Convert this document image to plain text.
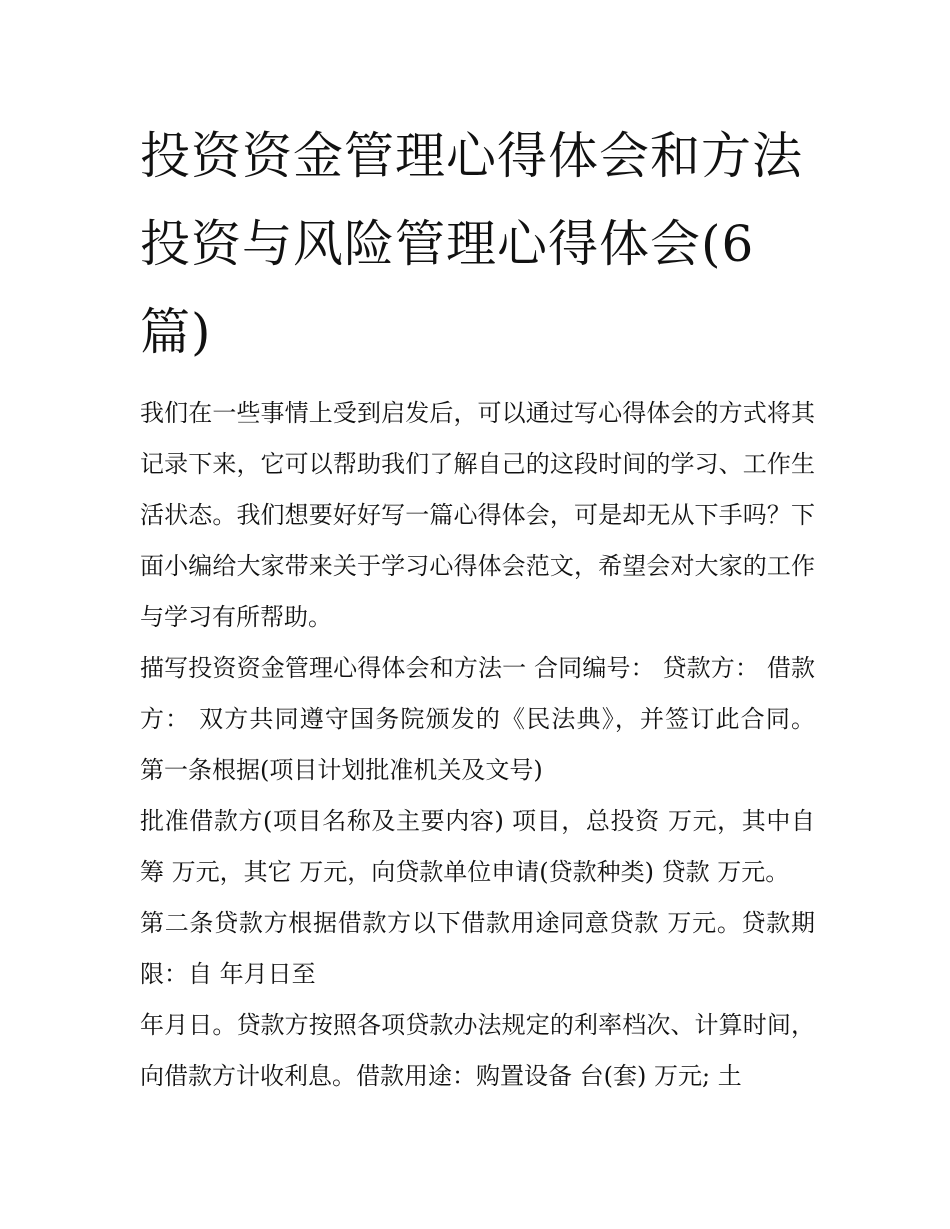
投资资金管理心得体会和方法
投资与风险管理心得体会(6
篇)

我们在一些事情上受到启发后，可以通过写心得体会的方式将其记录下来，它可以帮助我们了解自己的这段时间的学习、工作生活状态。我们想要好好写一篇心得体会，可是却无从下手吗？下面小编给大家带来关于学习心得体会范文，希望会对大家的工作与学习有所帮助。

描写投资资金管理心得体会和方法一 合同编号： 贷款方： 借款方： 双方共同遵守国务院颁发的《民法典》，并签订此合同。 第一条根据(项目计划批准机关及文号)

批准借款方(项目名称及主要内容) 项目，总投资 万元，其中自筹 万元，其它 万元，向贷款单位申请(贷款种类) 贷款 万元。

第二条贷款方根据借款方以下借款用途同意贷款 万元。贷款期限：自 年月日至

年月日。贷款方按照各项贷款办法规定的利率档次、计算时间，向借款方计收利息。借款用途：购置设备 台(套) 万元; 土
